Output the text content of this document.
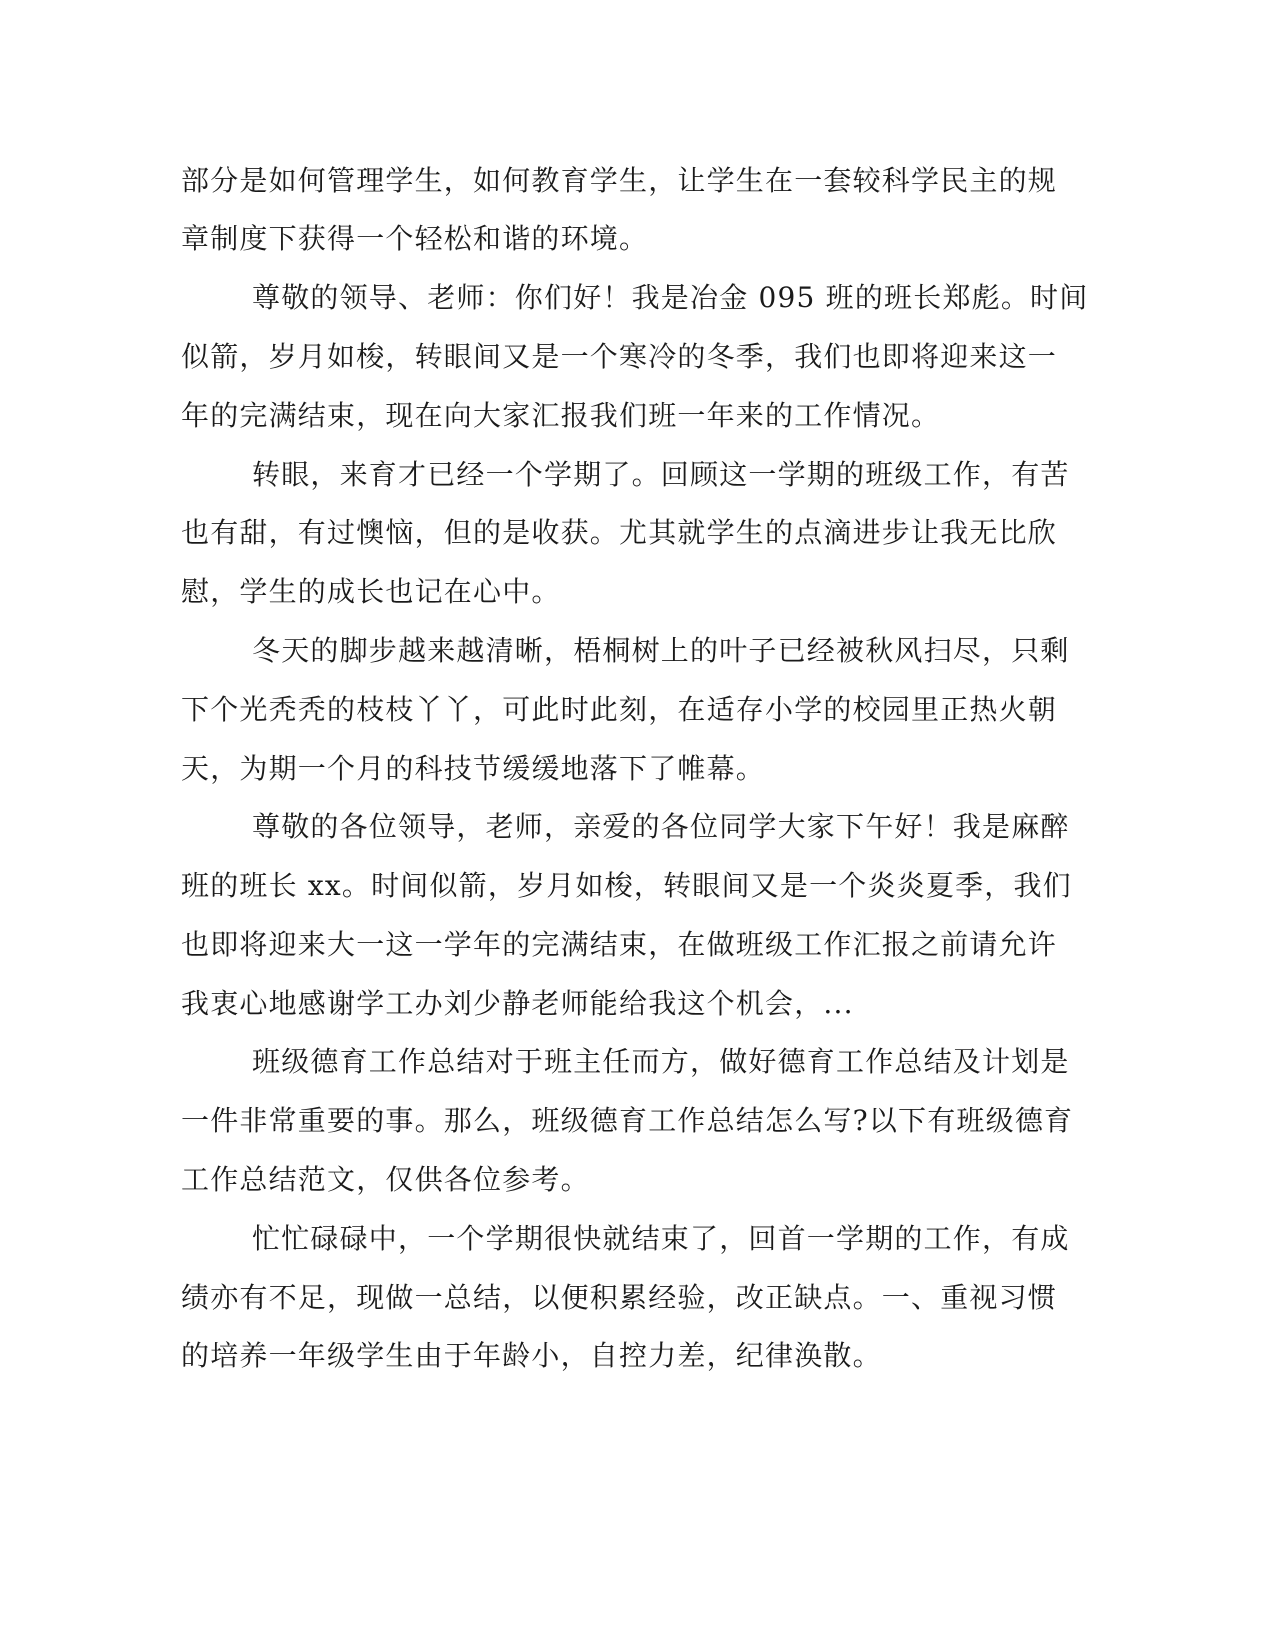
部分是如何管理学生，如何教育学生，让学生在一套较科学民主的规
章制度下获得一个轻松和谐的环境。
尊敬的领导、老师：你们好！我是冶金 095 班的班长郑彪。时间
似箭，岁月如梭，转眼间又是一个寒冷的冬季，我们也即将迎来这一
年的完满结束，现在向大家汇报我们班一年来的工作情况。
转眼，来育才已经一个学期了。回顾这一学期的班级工作，有苦
也有甜，有过懊恼，但的是收获。尤其就学生的点滴进步让我无比欣
慰，学生的成长也记在心中。
冬天的脚步越来越清晰，梧桐树上的叶子已经被秋风扫尽，只剩
下个光秃秃的枝枝丫丫，可此时此刻，在适存小学的校园里正热火朝
天，为期一个月的科技节缓缓地落下了帷幕。
尊敬的各位领导，老师，亲爱的各位同学大家下午好！我是麻醉
班的班长 xx。时间似箭，岁月如梭，转眼间又是一个炎炎夏季，我们
也即将迎来大一这一学年的完满结束，在做班级工作汇报之前请允许
我衷心地感谢学工办刘少静老师能给我这个机会，...
班级德育工作总结对于班主任而方，做好德育工作总结及计划是
一件非常重要的事。那么，班级德育工作总结怎么写?以下有班级德育
工作总结范文，仅供各位参考。
忙忙碌碌中，一个学期很快就结束了，回首一学期的工作，有成
绩亦有不足，现做一总结，以便积累经验，改正缺点。一、重视习惯
的培养一年级学生由于年龄小，自控力差，纪律涣散。
